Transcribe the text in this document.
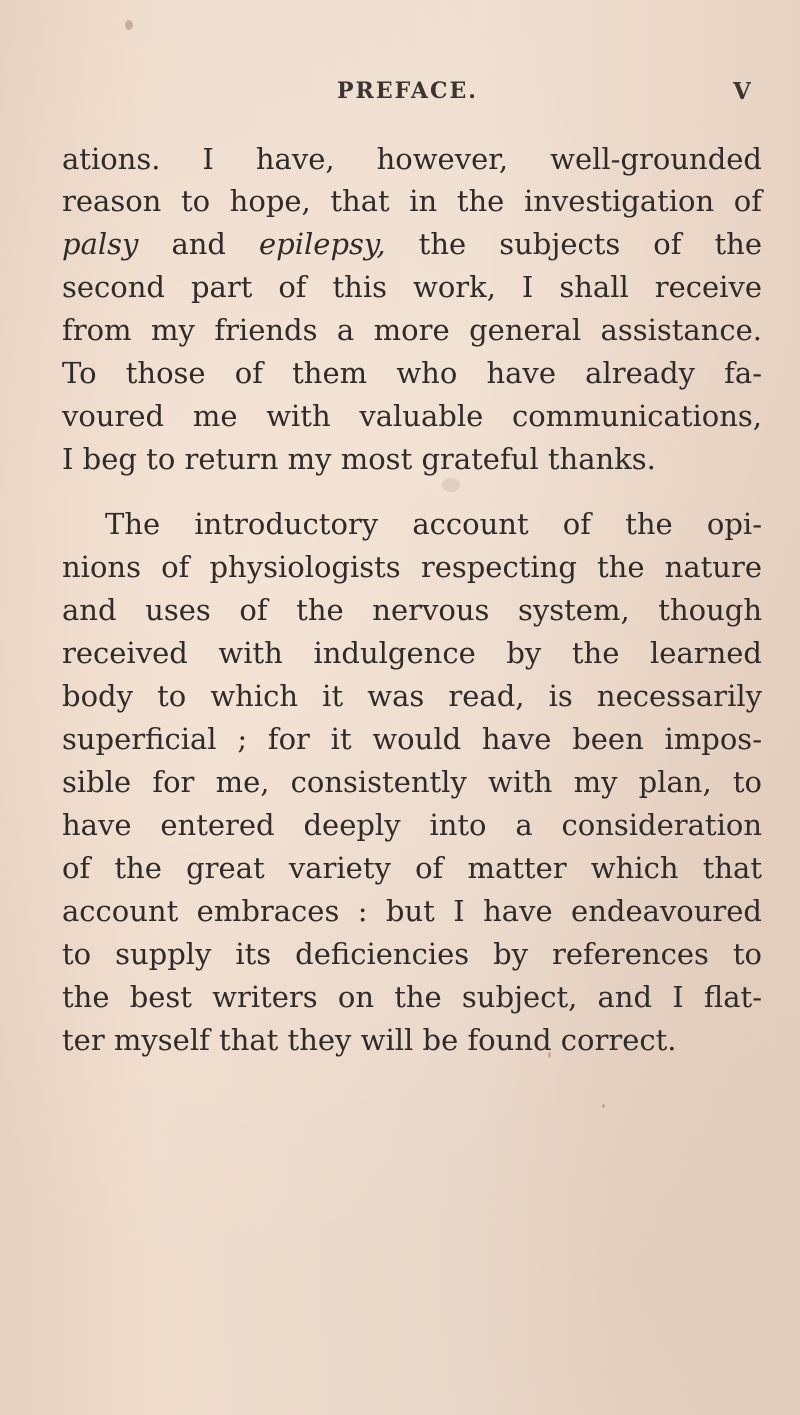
PREFACE.	V
ations. I have, however, well-grounded
reason to hope, that in the investigation of
palsy and epilepsy, the subjects of the
second part of this work, I shall receive
from my friends a more general assistance.
To those of them who have already fa-
voured me with valuable communications,
I beg to return my most grateful thanks.
The introductory account of the opi-
nions of physiologists respecting the nature
and uses of the nervous system, though
received with indulgence by the learned
body to which it was read, is necessarily
superficial ; for it would have been impos-
sible for me, consistently with my plan, to
have entered deeply into a consideration
of the great variety of matter which that
account embraces : but I have endeavoured
to supply its deficiencies by references to
the best writers on the subject, and I flat-
ter myself that they will be found correct.
